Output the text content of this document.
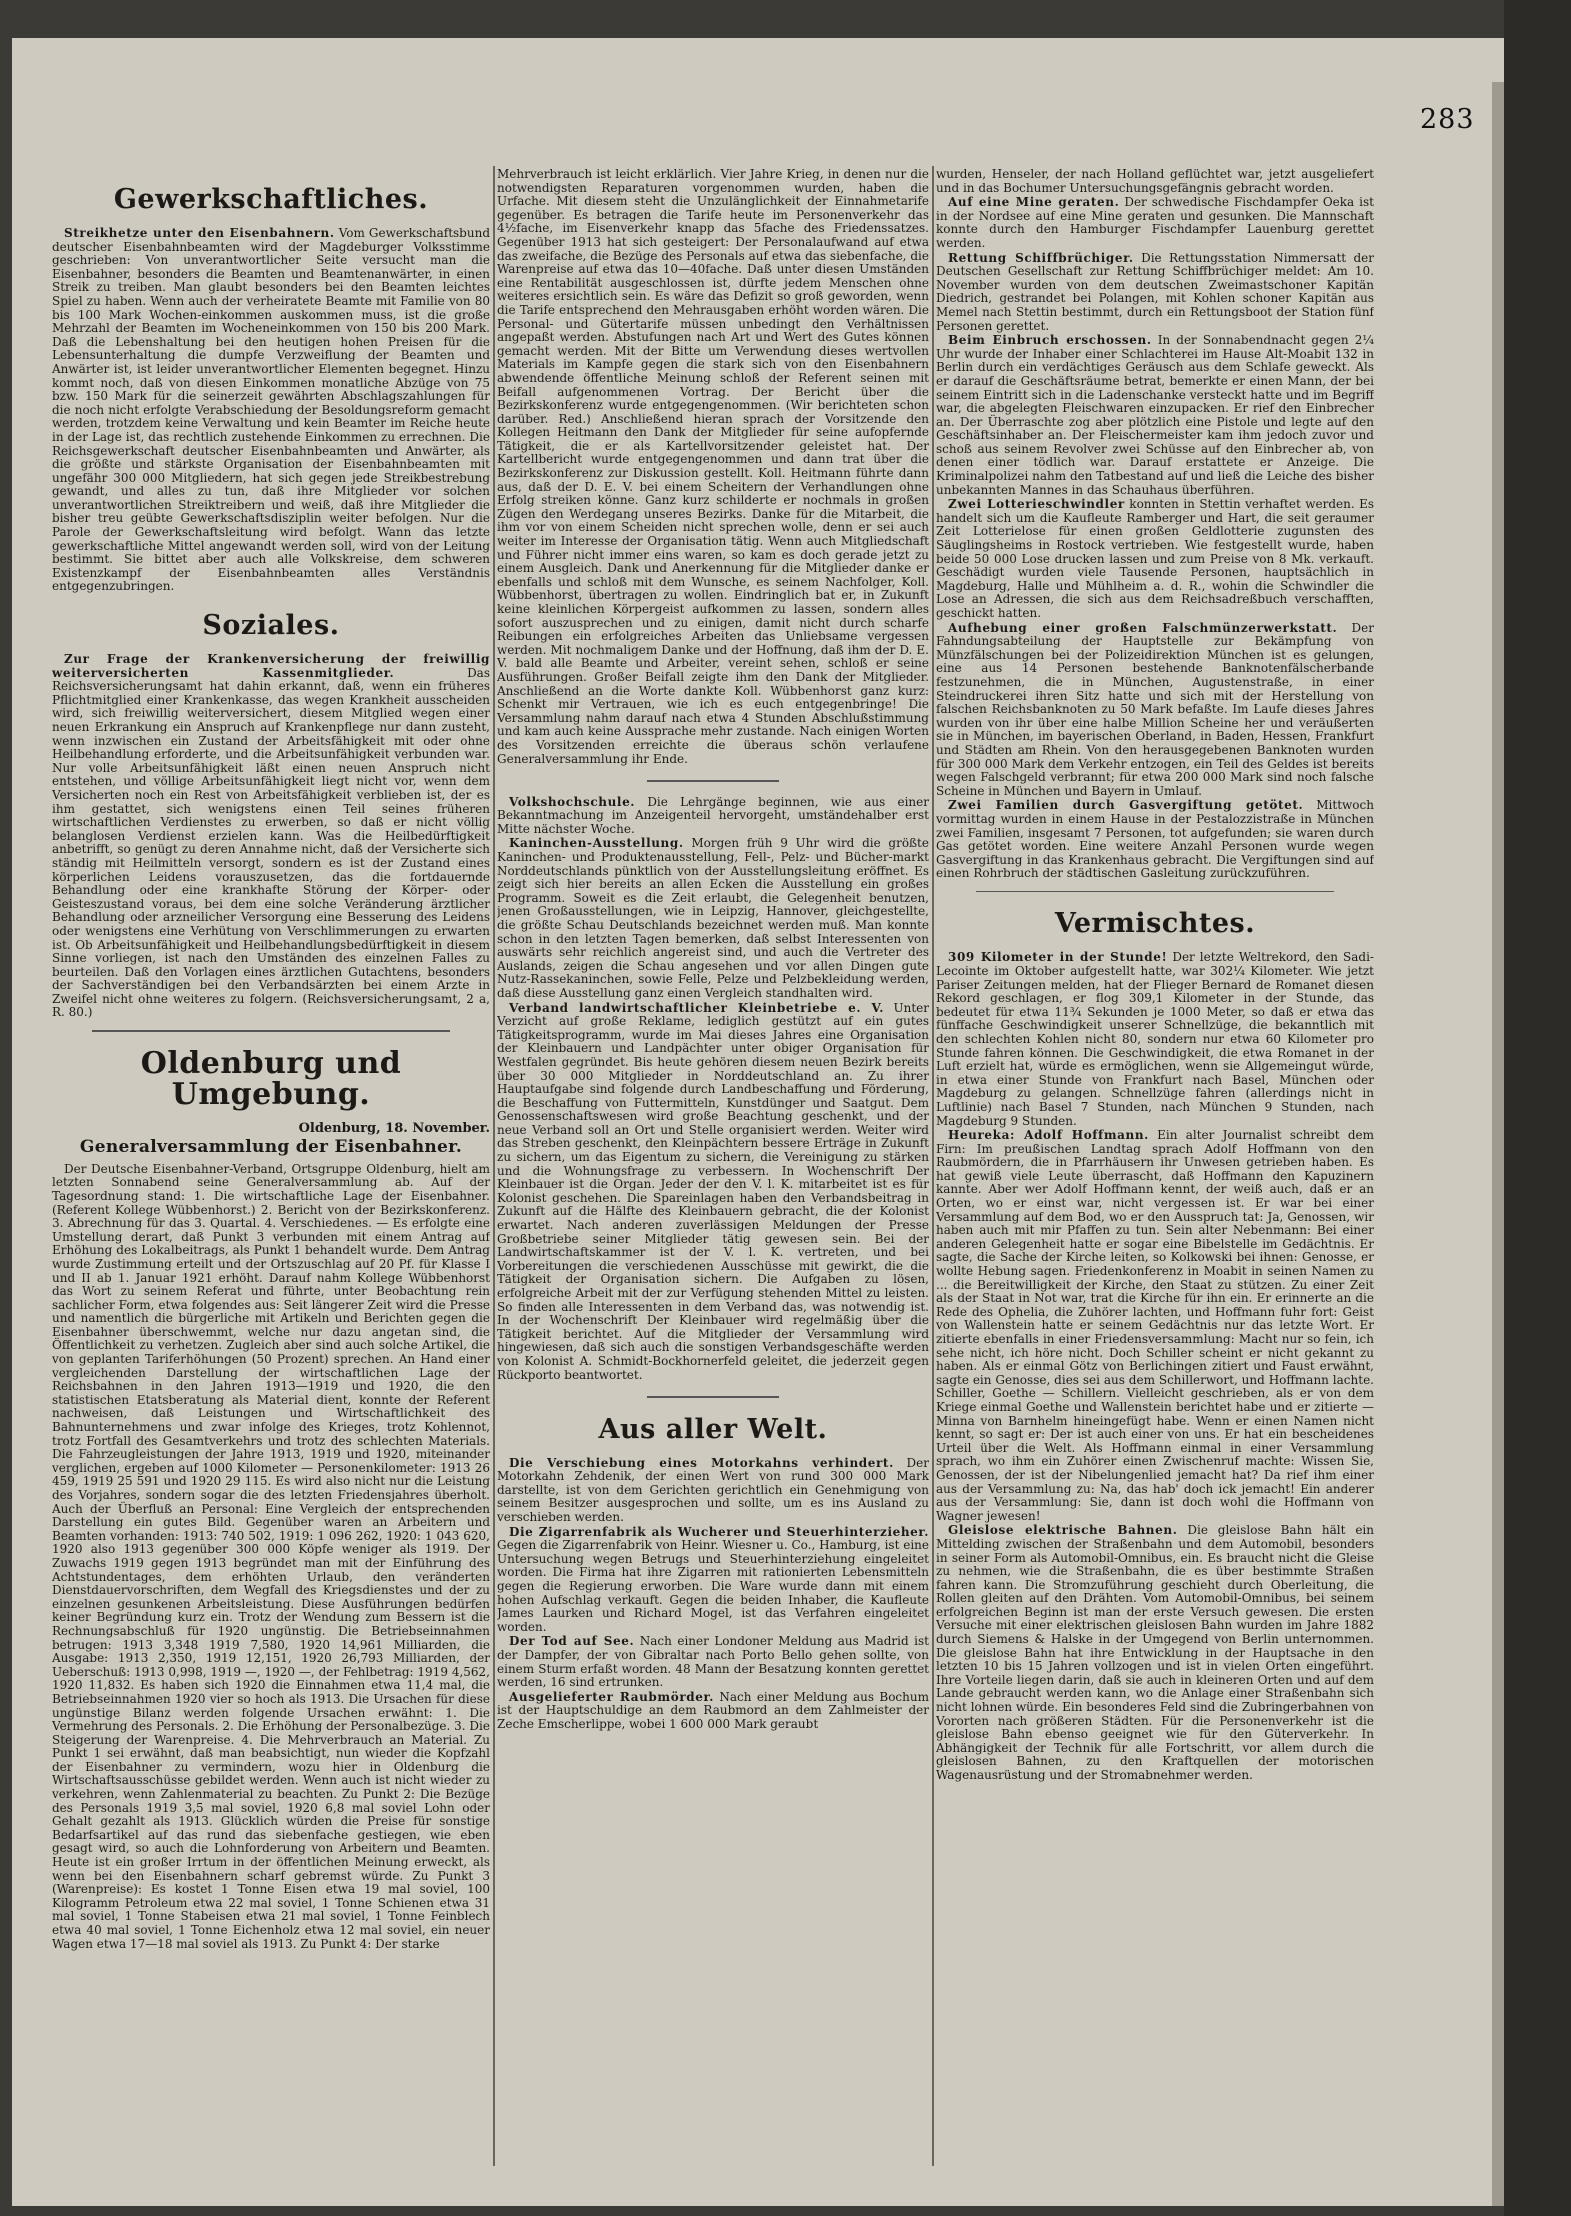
283
Gewerkschaftliches.

Streikhetze unter den Eisenbahnern. Vom Gewerkschaftsbund deutscher Eisenbahnbeamten wird der Magdeburger Volksstimme geschrieben: Von unverantwortlicher Seite versucht man die Eisenbahner, besonders die Beamten und Beamtenanwärter, in einen Streik zu treiben. Man glaubt besonders bei den Beamten leichtes Spiel zu haben. Wenn auch der verheiratete Beamte mit Familie von 80 bis 100 Mark Wochen-einkommen auskommen muss, ist die große Mehrzahl der Beamten im Wocheneinkommen von 150 bis 200 Mark. Daß die Lebenshaltung bei den heutigen hohen Preisen für die Lebensunterhaltung die dumpfe Verzweiflung der Beamten und Anwärter ist, ist leider unverantwortlicher Elementen begegnet. Hinzu kommt noch, daß von diesen Einkommen monatliche Abzüge von 75 bzw. 150 Mark für die seinerzeit gewährten Abschlagszahlungen für die noch nicht erfolgte Verabschiedung der Besoldungsreform gemacht werden, trotzdem keine Verwaltung und kein Beamter im Reiche heute in der Lage ist, das rechtlich zustehende Einkommen zu errechnen. Die Reichsgewerkschaft deutscher Eisenbahnbeamten und Anwärter, als die größte und stärkste Organisation der Eisenbahnbeamten mit ungefähr 300 000 Mitgliedern, hat sich gegen jede Streikbestrebung gewandt, und alles zu tun, daß ihre Mitglieder vor solchen unverantwortlichen Streiktreibern und weiß, daß ihre Mitglieder die bisher treu geübte Gewerkschaftsdisziplin weiter befolgen. Nur die Parole der Gewerkschaftsleitung wird befolgt. Wann das letzte gewerkschaftliche Mittel angewandt werden soll, wird von der Leitung bestimmt. Sie bittet aber auch alle Volkskreise, dem schweren Existenzkampf der Eisenbahnbeamten alles Verständnis entgegenzubringen.

Soziales.

Zur Frage der Krankenversicherung der freiwillig weiterversicherten Kassenmitglieder.	Das Reichsversicherungsamt hat dahin erkannt, daß, wenn ein früheres Pflichtmitglied einer Krankenkasse, das wegen Krankheit ausscheiden wird, sich freiwillig weiterversichert, diesem Mitglied wegen einer neuen Erkrankung ein Anspruch auf Krankenpflege nur dann zusteht, wenn inzwischen ein Zustand der Arbeitsfähigkeit mit oder ohne Heilbehandlung erforderte, und die Arbeitsunfähigkeit verbunden war. Nur volle Arbeitsunfähigkeit läßt einen neuen Anspruch nicht entstehen, und völlige Arbeitsunfähigkeit liegt nicht vor, wenn dem Versicherten noch ein Rest von Arbeitsfähigkeit verblieben ist, der es ihm gestattet, sich wenigstens einen Teil seines früheren wirtschaftlichen Verdienstes zu erwerben, so daß er nicht völlig belanglosen Verdienst erzielen kann. Was die Heilbedürftigkeit anbetrifft, so genügt zu deren Annahme nicht, daß der Versicherte sich ständig mit Heilmitteln versorgt, sondern es ist der Zustand eines körperlichen Leidens vorauszusetzen, das die fortdauernde Behandlung oder eine krankhafte Störung der Körper- oder Geisteszustand voraus, bei dem eine solche Veränderung ärztlicher Behandlung oder arzneilicher Versorgung eine Besserung des Leidens oder wenigstens eine Verhütung von Verschlimmerungen zu erwarten ist. Ob Arbeitsunfähigkeit und Heilbehandlungsbedürftigkeit in diesem Sinne vorliegen, ist nach den Umständen des einzelnen Falles zu beurteilen. Daß den Vorlagen eines ärztlichen Gutachtens, besonders der Sachverständigen bei den Verbandsärzten bei einem Arzte in Zweifel nicht ohne weiteres zu folgern. (Reichsversicherungsamt, 2 a, R. 80.)

Oldenburg und Umgebung.
Oldenburg, 18. November.
Generalversammlung der Eisenbahner.

Der Deutsche Eisenbahner-Verband, Ortsgruppe Oldenburg, hielt am letzten Sonnabend seine Generalversammlung ab. Auf der Tagesordnung stand: 1. Die wirtschaftliche Lage der Eisenbahner. (Referent Kollege Wübbenhorst.) 2. Bericht von der Bezirkskonferenz. 3. Abrechnung für das 3. Quartal. 4. Verschiedenes. — Es erfolgte eine Umstellung derart, daß Punkt 3 verbunden mit einem Antrag auf Erhöhung des Lokalbeitrags, als Punkt 1 behandelt wurde. Dem Antrag wurde Zustimmung erteilt und der Ortszuschlag auf 20 Pf. für Klasse I und II ab 1. Januar 1921 erhöht. Darauf nahm Kollege Wübbenhorst das Wort zu seinem Referat und führte, unter Beobachtung rein sachlicher Form, etwa folgendes aus: Seit längerer Zeit wird die Presse und namentlich die bürgerliche mit Artikeln und Berichten gegen die Eisenbahner überschwemmt, welche nur dazu angetan sind, die Öffentlichkeit zu verhetzen. Zugleich aber sind auch solche Artikel, die von geplanten Tariferhöhungen (50 Prozent) sprechen. An Hand einer vergleichenden Darstellung der wirtschaftlichen Lage der Reichsbahnen in den Jahren 1913—1919 und 1920, die den statistischen Etatsberatung als Material dient, konnte der Referent nachweisen, daß Leistungen und Wirtschaftlichkeit des Bahnunternehmens und zwar infolge des Krieges, trotz Kohlennot, trotz Fortfall des Gesamtverkehrs und trotz des schlechten Materials. Die Fahrzeugleistungen der Jahre 1913, 1919 und 1920, miteinander verglichen, ergeben auf 1000 Kilometer — Personenkilometer: 1913 26 459, 1919 25 591 und 1920 29 115. Es wird also nicht nur die Leistung des Vorjahres, sondern sogar die des letzten Friedensjahres überholt. Auch der Überfluß an Personal: Eine Vergleich der entsprechenden Darstellung ein gutes Bild. Gegenüber waren an Arbeitern und Beamten vorhanden: 1913: 740 502, 1919: 1 096 262, 1920: 1 043 620, 1920 also 1913 gegenüber 300 000 Köpfe weniger als 1919. Der Zuwachs 1919 gegen 1913 begründet man mit der Einführung des Achtstundentages, dem erhöhten Urlaub, den veränderten Dienstdauervorschriften, dem Wegfall des Kriegsdienstes und der zu einzelnen gesunkenen Arbeitsleistung. Diese Ausführungen bedürfen keiner Begründung kurz ein. Trotz der Wendung zum Bessern ist die Rechnungsabschluß für 1920 ungünstig. Die Betriebseinnahmen betrugen: 1913 3,348 1919 7,580, 1920 14,961 Milliarden, die Ausgabe: 1913 2,350, 1919 12,151, 1920 26,793 Milliarden, der Ueberschuß: 1913 0,998, 1919 —, 1920 —, der Fehlbetrag: 1919 4,562, 1920 11,832. Es haben sich 1920 die Einnahmen etwa 11,4 mal, die Betriebseinnahmen 1920 vier so hoch als 1913. Die Ursachen für diese ungünstige Bilanz werden folgende Ursachen erwähnt: 1. Die Vermehrung des Personals. 2. Die Erhöhung der Personalbezüge. 3. Die Steigerung der Warenpreise. 4. Die Mehrverbrauch an Material. Zu Punkt 1 sei erwähnt, daß man beabsichtigt, nun wieder die Kopfzahl der Eisenbahner zu vermindern, wozu hier in Oldenburg die Wirtschaftsausschüsse gebildet werden. Wenn auch ist nicht wieder zu verkehren, wenn Zahlenmaterial zu beachten. Zu Punkt 2: Die Bezüge des Personals 1919 3,5 mal soviel, 1920 6,8 mal soviel Lohn oder Gehalt gezahlt als 1913. Glücklich würden die Preise für sonstige Bedarfsartikel auf das rund das siebenfache gestiegen, wie eben gesagt wird, so auch die Lohnforderung von Arbeitern und Beamten. Heute ist ein großer Irrtum in der öffentlichen Meinung erweckt, als wenn bei den Eisenbahnern scharf gebremst würde. Zu Punkt 3 (Warenpreise): Es kostet 1 Tonne Eisen etwa 19 mal soviel, 100 Kilogramm Petroleum etwa 22 mal soviel, 1 Tonne Schienen etwa 31 mal soviel, 1 Tonne Stabeisen etwa 21 mal soviel, 1 Tonne Feinblech etwa 40 mal soviel, 1 Tonne Eichenholz etwa 12 mal soviel, ein neuer Wagen etwa 17—18 mal soviel als 1913. Zu Punkt 4: Der starke

Mehrverbrauch ist leicht erklärlich. Vier Jahre Krieg, in denen nur die notwendigsten Reparaturen vorgenommen wurden, haben die Urfache. Mit diesem steht die Unzulänglichkeit der Einnahmetarife gegenüber. Es betragen die Tarife heute im Personenverkehr das 4½fache, im Eisenverkehr knapp das 5fache des Friedenssatzes. Gegenüber 1913 hat sich gesteigert: Der Personalaufwand auf etwa das zweifache, die Bezüge des Personals auf etwa das siebenfache, die Warenpreise auf etwa das 10—40fache. Daß unter diesen Umständen eine Rentabilität ausgeschlossen ist, dürfte jedem Menschen ohne weiteres ersichtlich sein. Es wäre das Defizit so groß geworden, wenn die Tarife entsprechend den Mehrausgaben erhöht worden wären. Die Personal- und Gütertarife müssen unbedingt den Verhältnissen angepaßt werden. Abstufungen nach Art und Wert des Gutes können gemacht werden. Mit der Bitte um Verwendung dieses wertvollen Materials im Kampfe gegen die stark sich von den Eisenbahnern abwendende öffentliche Meinung schloß der Referent seinen mit Beifall aufgenommenen Vortrag. Der Bericht über die Bezirkskonferenz wurde entgegengenommen. (Wir berichteten schon darüber. Red.) Anschließend hieran sprach der Vorsitzende den Kollegen Heitmann den Dank der Mitglieder für seine aufopfernde Tätigkeit, die er als Kartellvorsitzender geleistet hat. Der Kartellbericht wurde entgegengenommen und dann trat über die Bezirkskonferenz zur Diskussion gestellt. Koll. Heitmann führte dann aus, daß der D. E. V. bei einem Scheitern der Verhandlungen ohne Erfolg streiken könne. Ganz kurz schilderte er nochmals in großen Zügen den Werdegang unseres Bezirks. Danke für die Mitarbeit, die ihm vor von einem Scheiden nicht sprechen wolle, denn er sei auch weiter im Interesse der Organisation tätig. Wenn auch Mitgliedschaft und Führer nicht immer eins waren, so kam es doch gerade jetzt zu einem Ausgleich. Dank und Anerkennung für die Mitglieder danke er ebenfalls und schloß mit dem Wunsche, es seinem Nachfolger, Koll. Wübbenhorst, übertragen zu wollen. Eindringlich bat er, in Zukunft keine kleinlichen Körpergeist aufkommen zu lassen, sondern alles sofort auszusprechen und zu einigen, damit nicht durch scharfe Reibungen ein erfolgreiches Arbeiten das Unliebsame vergessen werden. Mit nochmaligem Danke und der Hoffnung, daß ihm der D. E. V. bald alle Beamte und Arbeiter, vereint sehen, schloß er seine Ausführungen. Großer Beifall zeigte ihm den Dank der Mitglieder. Anschließend an die Worte dankte Koll. Wübbenhorst ganz kurz: Schenkt mir Vertrauen, wie ich es euch entgegenbringe! Die Versammlung nahm darauf nach etwa 4 Stunden Abschlußstimmung und kam auch keine Aussprache mehr zustande. Nach einigen Worten des Vorsitzenden erreichte die überaus schön verlaufene Generalversammlung ihr Ende.

Volkshochschule. Die Lehrgänge beginnen, wie aus einer Bekanntmachung im Anzeigenteil hervorgeht, umständehalber erst Mitte nächster Woche.

Kaninchen-Ausstellung. Morgen früh 9 Uhr wird die größte Kaninchen- und Produktenausstellung, Fell-, Pelz- und Bücher-markt Norddeutschlands pünktlich von der Ausstellungsleitung eröffnet. Es zeigt sich hier bereits an allen Ecken die Ausstellung ein großes Programm. Soweit es die Zeit erlaubt, die Gelegenheit benutzen, jenen Großausstellungen, wie in Leipzig, Hannover, gleichgestellte, die größte Schau Deutschlands bezeichnet werden muß. Man konnte schon in den letzten Tagen bemerken, daß selbst Interessenten von auswärts sehr reichlich angereist sind, und auch die Vertreter des Auslands, zeigen die Schau angesehen und vor allen Dingen gute Nutz-Rassekaninchen, sowie Felle, Pelze und Pelzbekleidung werden, daß diese Ausstellung ganz einen Vergleich standhalten wird.

Verband landwirtschaftlicher Kleinbetriebe e. V. Unter Verzicht auf große Reklame, lediglich gestützt auf ein gutes Tätigkeitsprogramm, wurde im Mai dieses Jahres eine Organisation der Kleinbauern und Landpächter unter obiger Organisation für Westfalen gegründet. Bis heute gehören diesem neuen Bezirk bereits über 30 000 Mitglieder in Norddeutschland an. Zu ihrer Hauptaufgabe sind folgende durch Landbeschaffung und Förderung, die Beschaffung von Futtermitteln, Kunstdünger und Saatgut. Dem Genossenschaftswesen wird große Beachtung geschenkt, und der neue Verband soll an Ort und Stelle organisiert werden. Weiter wird das Streben geschenkt, den Kleinpächtern bessere Erträge in Zukunft zu sichern, um das Eigentum zu sichern, die Vereinigung zu stärken und die Wohnungsfrage zu verbessern. In Wochenschrift Der Kleinbauer ist die Organ. Jeder der den V. l. K. mitarbeitet ist es für Kolonist geschehen. Die Spareinlagen haben den Verbandsbeitrag in Zukunft auf die Hälfte des Kleinbauern gebracht, die der Kolonist erwartet. Nach anderen zuverlässigen Meldungen der Presse Großbetriebe seiner Mitglieder tätig gewesen sein. Bei der Landwirtschaftskammer ist der V. l. K. vertreten, und bei Vorbereitungen die verschiedenen Ausschüsse mit gewirkt, die die Tätigkeit der Organisation sichern. Die Aufgaben zu lösen, erfolgreiche Arbeit mit der zur Verfügung stehenden Mittel zu leisten. So finden alle Interessenten in dem Verband das, was notwendig ist. In der Wochenschrift Der Kleinbauer wird regelmäßig über die Tätigkeit berichtet. Auf die Mitglieder der Versammlung wird hingewiesen, daß sich auch die sonstigen Verbandsgeschäfte werden von Kolonist A. Schmidt-Bockhornerfeld geleitet, die jederzeit gegen Rückporto beantwortet.

Aus aller Welt.

Die Verschiebung eines Motorkahns verhindert. Der Motorkahn Zehdenik, der einen Wert von rund 300 000 Mark darstellte, ist von dem Gerichten gerichtlich ein Genehmigung von seinem Besitzer ausgesprochen und sollte, um es ins Ausland zu verschieben werden.

Die Zigarrenfabrik als Wucherer und Steuerhinterzieher. Gegen die Zigarrenfabrik von Heinr. Wiesner u. Co., Hamburg, ist eine Untersuchung wegen Betrugs und Steuerhinterziehung eingeleitet worden. Die Firma hat ihre Zigarren mit rationierten Lebensmitteln gegen die Regierung erworben. Die Ware wurde dann mit einem hohen Aufschlag verkauft. Gegen die beiden Inhaber, die Kaufleute James Laurken und Richard Mogel, ist das Verfahren eingeleitet worden.

Der Tod auf See. Nach einer Londoner Meldung aus Madrid ist der Dampfer, der von Gibraltar nach Porto Bello gehen sollte, von einem Sturm erfaßt worden. 48 Mann der Besatzung konnten gerettet werden, 16 sind ertrunken.

Ausgelieferter Raubmörder. Nach einer Meldung aus Bochum ist der Hauptschuldige an dem Raubmord an dem Zahlmeister der Zeche Emscherlippe, wobei 1 600 000 Mark geraubt

wurden, Henseler, der nach Holland geflüchtet war, jetzt ausgeliefert und in das Bochumer Untersuchungsgefängnis gebracht worden.

Auf eine Mine geraten. Der schwedische Fischdampfer Oeka ist in der Nordsee auf eine Mine geraten und gesunken. Die Mannschaft konnte durch den Hamburger Fischdampfer Lauenburg gerettet werden.

Rettung Schiffbrüchiger. Die Rettungsstation Nimmersatt der Deutschen Gesellschaft zur Rettung Schiffbrüchiger meldet: Am 10. November wurden von dem deutschen Zweimastschoner Kapitän Diedrich, gestrandet bei Polangen, mit Kohlen schoner Kapitän aus Memel nach Stettin bestimmt, durch ein Rettungsboot der Station fünf Personen gerettet.

Beim Einbruch erschossen. In der Sonnabendnacht gegen 2¼ Uhr wurde der Inhaber einer Schlachterei im Hause Alt-Moabit 132 in Berlin durch ein verdächtiges Geräusch aus dem Schlafe geweckt. Als er darauf die Geschäftsräume betrat, bemerkte er einen Mann, der bei seinem Eintritt sich in die Ladenschanke versteckt hatte und im Begriff war, die abgelegten Fleischwaren einzupacken. Er rief den Einbrecher an. Der Überraschte zog aber plötzlich eine Pistole und legte auf den Geschäftsinhaber an. Der Fleischermeister kam ihm jedoch zuvor und schoß aus seinem Revolver zwei Schüsse auf den Einbrecher ab, von denen einer tödlich war. Darauf erstattete er Anzeige. Die Kriminalpolizei nahm den Tatbestand auf und ließ die Leiche des bisher unbekannten Mannes in das Schauhaus überführen.

Zwei Lotterieschwindler konnten in Stettin verhaftet werden. Es handelt sich um die Kaufleute Ramberger und Hart, die seit geraumer Zeit Lotterielose für einen großen Geldlotterie zugunsten des Säuglingsheims in Rostock vertrieben. Wie festgestellt wurde, haben beide 50 000 Lose drucken lassen und zum Preise von 8 Mk. verkauft. Geschädigt wurden viele Tausende Personen, hauptsächlich in Magdeburg, Halle und Mühlheim a. d. R., wohin die Schwindler die Lose an Adressen, die sich aus dem Reichsadreßbuch verschafften, geschickt hatten.

Aufhebung einer großen Falschmünzerwerkstatt. Der Fahndungsabteilung der Hauptstelle zur Bekämpfung von Münzfälschungen bei der Polizeidirektion München ist es gelungen, eine aus 14 Personen bestehende Banknotenfälscherbande festzunehmen, die in München, Augustenstraße, in einer Steindruckerei ihren Sitz hatte und sich mit der Herstellung von falschen Reichsbanknoten zu 50 Mark befaßte. Im Laufe dieses Jahres wurden von ihr über eine halbe Million Scheine her und veräußerten sie in München, im bayerischen Oberland, in Baden, Hessen, Frankfurt und Städten am Rhein. Von den herausgegebenen Banknoten wurden für 300 000 Mark dem Verkehr entzogen, ein Teil des Geldes ist bereits wegen Falschgeld verbrannt; für etwa 200 000 Mark sind noch falsche Scheine in München und Bayern in Umlauf.

Zwei Familien durch Gasvergiftung getötet. Mittwoch vormittag wurden in einem Hause in der Pestalozzistraße in München zwei Familien, insgesamt 7 Personen, tot aufgefunden; sie waren durch Gas getötet worden. Eine weitere Anzahl Personen wurde wegen Gasvergiftung in das Krankenhaus gebracht. Die Vergiftungen sind auf einen Rohrbruch der städtischen Gasleitung zurückzuführen.

Vermischtes.

309 Kilometer in der Stunde! Der letzte Weltrekord, den Sadi-Lecointe im Oktober aufgestellt hatte, war 302¼ Kilometer. Wie jetzt Pariser Zeitungen melden, hat der Flieger Bernard de Romanet diesen Rekord geschlagen, er flog 309,1 Kilometer in der Stunde, das bedeutet für etwa 11¾ Sekunden je 1000 Meter, so daß er etwa das fünffache Geschwindigkeit unserer Schnellzüge, die bekanntlich mit den schlechten Kohlen nicht 80, sondern nur etwa 60 Kilometer pro Stunde fahren können. Die Geschwindigkeit, die etwa Romanet in der Luft erzielt hat, würde es ermöglichen, wenn sie Allgemeingut würde, in etwa einer Stunde von Frankfurt nach Basel, München oder Magdeburg zu gelangen. Schnellzüge fahren (allerdings nicht in Luftlinie) nach Basel 7 Stunden, nach München 9 Stunden, nach Magdeburg 9 Stunden.

Heureka: Adolf Hoffmann. Ein alter Journalist schreibt dem Firn: Im preußischen Landtag sprach Adolf Hoffmann von den Raubmördern, die in Pfarrhäusern ihr Unwesen getrieben haben. Es hat gewiß viele Leute überrascht, daß Hoffmann den Kapuzinern kannte. Aber wer Adolf Hoffmann kennt, der weiß auch, daß er an Orten, wo er einst war, nicht vergessen ist. Er war bei einer Versammlung auf dem Bod, wo er den Ausspruch tat: Ja, Genossen, wir haben auch mit mir Pfaffen zu tun. Sein alter Nebenmann: Bei einer anderen Gelegenheit hatte er sogar eine Bibelstelle im Gedächtnis. Er sagte, die Sache der Kirche leiten, so Kolkowski bei ihnen: Genosse, er wollte Hebung sagen. Friedenkonferenz in Moabit in seinen Namen zu ... die Bereitwilligkeit der Kirche, den Staat zu stützen. Zu einer Zeit als der Staat in Not war, trat die Kirche für ihn ein. Er erinnerte an die Rede des Ophelia, die Zuhörer lachten, und Hoffmann fuhr fort: Geist von Wallenstein hatte er seinem Gedächtnis nur das letzte Wort. Er zitierte ebenfalls in einer Friedensversammlung: Macht nur so fein, ich sehe nicht, ich höre nicht. Doch Schiller scheint er nicht gekannt zu haben. Als er einmal Götz von Berlichingen zitiert und Faust erwähnt, sagte ein Genosse, dies sei aus dem Schillerwort, und Hoffmann lachte. Schiller, Goethe — Schillern. Vielleicht geschrieben, als er von dem Kriege einmal Goethe und Wallenstein berichtet habe und er zitierte — Minna von Barnhelm hineingefügt habe. Wenn er einen Namen nicht kennt, so sagt er: Der ist auch einer von uns. Er hat ein bescheidenes Urteil über die Welt. Als Hoffmann einmal in einer Versammlung sprach, wo ihm ein Zuhörer einen Zwischenruf machte: Wissen Sie, Genossen, der ist der Nibelungenlied jemacht hat? Da rief ihm einer aus der Versammlung zu: Na, das hab' doch ick jemacht! Ein anderer aus der Versammlung: Sie, dann ist doch wohl die Hoffmann von Wagner jewesen!

Gleislose elektrische Bahnen. Die gleislose Bahn hält ein Mittelding zwischen der Straßenbahn und dem Automobil, besonders in seiner Form als Automobil-Omnibus, ein. Es braucht nicht die Gleise zu nehmen, wie die Straßenbahn, die es über bestimmte Straßen fahren kann. Die Stromzuführung geschieht durch Oberleitung, die Rollen gleiten auf den Drähten. Vom Automobil-Omnibus, bei seinem erfolgreichen Beginn ist man der erste Versuch gewesen. Die ersten Versuche mit einer elektrischen gleislosen Bahn wurden im Jahre 1882 durch Siemens & Halske in der Umgegend von Berlin unternommen. Die gleislose Bahn hat ihre Entwicklung in der Hauptsache in den letzten 10 bis 15 Jahren vollzogen und ist in vielen Orten eingeführt. Ihre Vorteile liegen darin, daß sie auch in kleineren Orten und auf dem Lande gebraucht werden kann, wo die Anlage einer Straßenbahn sich nicht lohnen würde. Ein besonderes Feld sind die Zubringerbahnen von Vororten nach größeren Städten. Für die Personenverkehr ist die gleislose Bahn ebenso geeignet wie für den Güterverkehr. In Abhängigkeit der Technik für alle Fortschritt, vor allem durch die gleislosen Bahnen, zu den Kraftquellen der motorischen Wagenausrüstung und der Stromabnehmer werden.
